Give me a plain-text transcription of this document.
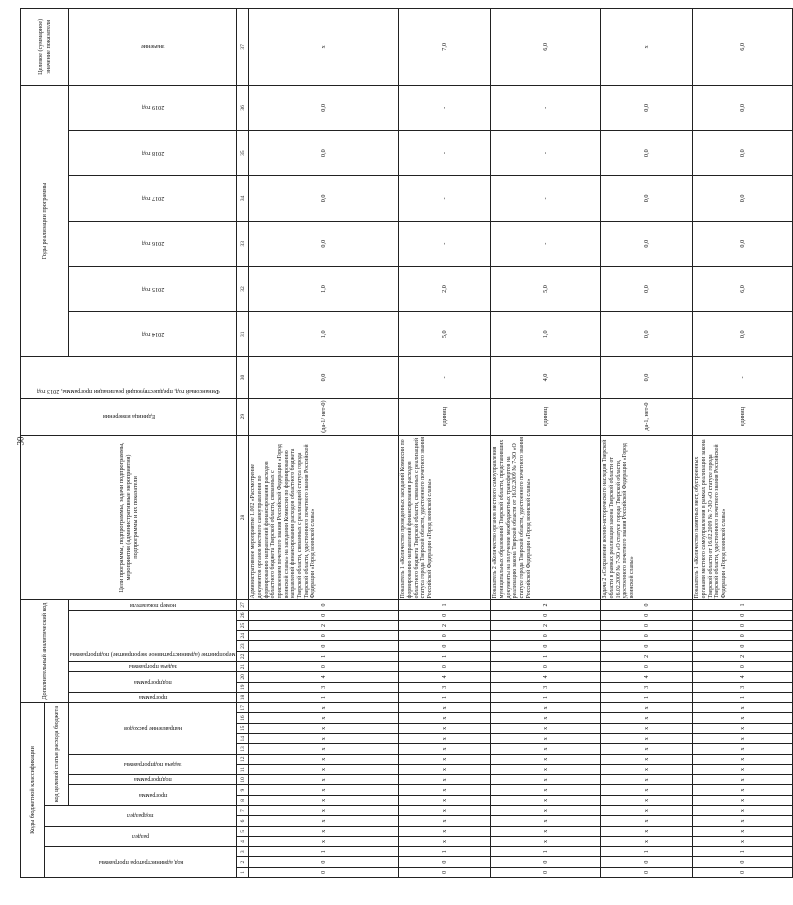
30
Коды бюджетной классификации																	Дополнительный аналитический код										Цели программы, подпрограммы, задачи подпрограммы, мероприятия (административные мероприятия) подпрограммы и их показатели	Единица измерения	Финансовый год, предшествующий реализации программы, 2013 год	Годы реализации программы						Целевое (суммарное) значение показателя

код администратора программы			раздел		подраздел		код целевой статьи расхода бюджета																													

							программа		подпрограмма	задача подпрограммы		направление расходов					программа	подпрограмма		задача программы	мероприятие (административное мероприятие) подпрограммы					номер показателя				2014 год	2015 год	2016 год	2017 год	2018 год	2019 год	значение

1	2	3	4	5	6	7	8	9	10	11	12	13	14	15	16	17	18	19	20	21	22	23	24	25	26	27	28	29	30	31	32	33	34	35	36	37
0	0	1	x	x	x	x	x	x	x	x	x	x	x	x	x	x	1	3	4	0	1	0	0	2	0	0	Административное мероприятие 1.002 «Рассмотрение документов органов местного самоуправления по формированию направлений финансирования расходов областного бюджета Тверской области, связанных с присвоением почетного звания Российской Федерации «Город воинской славы» на заседании Комиссии по формированию направлений финансирования расходов областного бюджета Тверской области, связанных с реализацией статуса города Тверской области, удостоенного почетного звания Российской Федерации «Город воинской славы»	(да-1/ нет-0)	0,0	1,0	1,0	0,0	0,0	0,0	0,0	х
0	0	1	x	x	x	x	x	x	x	x	x	x	x	x	x	x	1	3	4	0	1	0	0	2	0	1	Показатель 1 «Количество проведенных заседаний Комиссии по формированию направлений финансирования расходов областного бюджета Тверской области, связанных с реализацией статуса города Тверской области, удостоенного почетного звания Российской Федерации «Город воинской славы»	единиц	-	5,0	2,0	-	-	-	-	7,0
0	0	1	x	x	x	x	x	x	x	x	x	x	x	x	x	x	1	3	4	0	1	0	0	2	0	2	Показатель 2 «Количество органов местного самоуправления муниципальных образований Тверской области, представивших документы на получение межбюджетных трансфертов на реализацию закона Тверской области от 16.02.2009 № 7-ЗО «О статусе города Тверской области, удостоенного почетного звания Российской Федерации «Город воинской славы»	единиц	4,0	1,0	5,0	-	-	-	-	6,0
0	0	1	x	x	x	x	x	x	x	x	x	x	x	x	x	x	1	3	4	0	2	0	0	0	0	0	Задача 2 «Сохранение военно-исторического наследия Тверской области в рамках реализации закона Тверской области от 16.02.2009 № 7-ЗО «О статусе города Тверской области, удостоенного почетного звания Российской Федерации «Город воинской славы»	да-1, нет-0	0,0	0,0	0,0	0,0	0,0	0,0	0,0	х
0	0	1	x	x	x	x	x	x	x	x	x	x	x	x	x	x	1	3	4	0	2	0	0	0	0	1	Показатель 1 «Количество памятных мест, обустроенных органами местного самоуправления в рамках реализации закона Тверской области от 16.02.2009 № 7-ЗО «О статусе города Тверской области, удостоенного почетного звания Российской Федерации «Город воинской славы»	единиц	-	0,0	6,0	0,0	0,0	0,0	0,0	6,0
